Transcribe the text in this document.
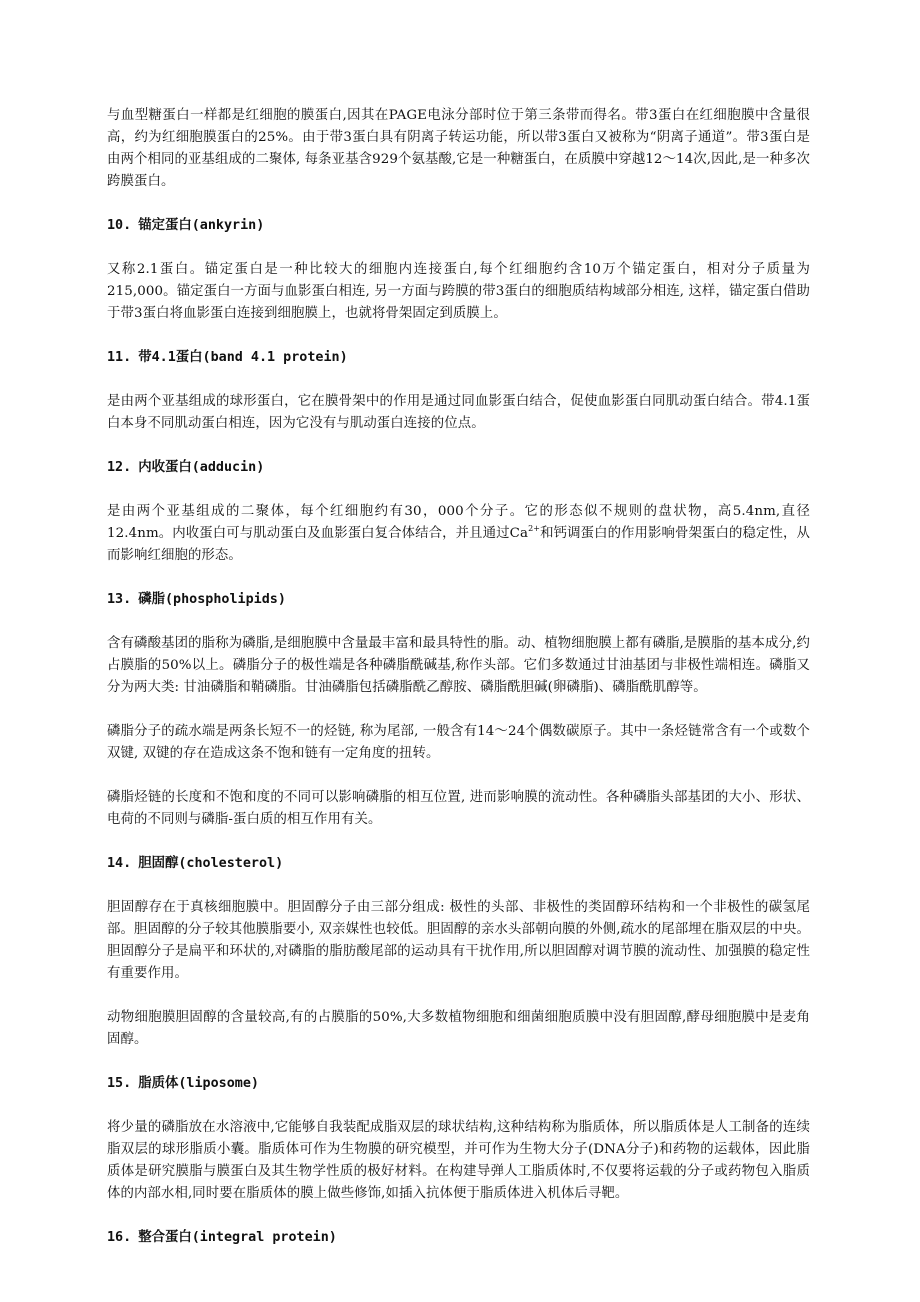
与血型糖蛋白一样都是红细胞的膜蛋白,因其在PAGE电泳分部时位于第三条带而得名。带3蛋白在红细胞膜中含量很高，约为红细胞膜蛋白的25%。由于带3蛋白具有阴离子转运功能，所以带3蛋白又被称为“阴离子通道”。带3蛋白是由两个相同的亚基组成的二聚体, 每条亚基含929个氨基酸,它是一种糖蛋白，在质膜中穿越12～14次,因此,是一种多次跨膜蛋白。

10. 锚定蛋白(ankyrin)

又称2.1蛋白。锚定蛋白是一种比较大的细胞内连接蛋白,每个红细胞约含10万个锚定蛋白，相对分子质量为215,000。锚定蛋白一方面与血影蛋白相连, 另一方面与跨膜的带3蛋白的细胞质结构域部分相连, 这样，锚定蛋白借助于带3蛋白将血影蛋白连接到细胞膜上，也就将骨架固定到质膜上。

11. 带4.1蛋白(band 4.1 protein)

是由两个亚基组成的球形蛋白，它在膜骨架中的作用是通过同血影蛋白结合，促使血影蛋白同肌动蛋白结合。带4.1蛋白本身不同肌动蛋白相连，因为它没有与肌动蛋白连接的位点。

12. 内收蛋白(adducin)

是由两个亚基组成的二聚体，每个红细胞约有30，000个分子。它的形态似不规则的盘状物，高5.4nm,直径12.4nm。内收蛋白可与肌动蛋白及血影蛋白复合体结合，并且通过$Ca^{2+}$和钙调蛋白的作用影响骨架蛋白的稳定性，从而影响红细胞的形态。

13. 磷脂(phospholipids)

含有磷酸基团的脂称为磷脂,是细胞膜中含量最丰富和最具特性的脂。动、植物细胞膜上都有磷脂,是膜脂的基本成分,约占膜脂的50%以上。磷脂分子的极性端是各种磷脂酰碱基,称作头部。它们多数通过甘油基团与非极性端相连。磷脂又分为两大类: 甘油磷脂和鞘磷脂。甘油磷脂包括磷脂酰乙醇胺、磷脂酰胆碱(卵磷脂)、磷脂酰肌醇等。

磷脂分子的疏水端是两条长短不一的烃链, 称为尾部, 一般含有14～24个偶数碳原子。其中一条烃链常含有一个或数个双键, 双键的存在造成这条不饱和链有一定角度的扭转。

磷脂烃链的长度和不饱和度的不同可以影响磷脂的相互位置, 进而影响膜的流动性。各种磷脂头部基团的大小、形状、电荷的不同则与磷脂-蛋白质的相互作用有关。

14. 胆固醇(cholesterol)

胆固醇存在于真核细胞膜中。胆固醇分子由三部分组成: 极性的头部、非极性的类固醇环结构和一个非极性的碳氢尾部。胆固醇的分子较其他膜脂要小, 双亲媒性也较低。胆固醇的亲水头部朝向膜的外侧,疏水的尾部埋在脂双层的中央。胆固醇分子是扁平和环状的,对磷脂的脂肪酸尾部的运动具有干扰作用,所以胆固醇对调节膜的流动性、加强膜的稳定性有重要作用。

动物细胞膜胆固醇的含量较高,有的占膜脂的50%,大多数植物细胞和细菌细胞质膜中没有胆固醇,酵母细胞膜中是麦角固醇。

15. 脂质体(liposome)

将少量的磷脂放在水溶液中,它能够自我装配成脂双层的球状结构,这种结构称为脂质体，所以脂质体是人工制备的连续脂双层的球形脂质小囊。脂质体可作为生物膜的研究模型，并可作为生物大分子(DNA分子)和药物的运载体，因此脂质体是研究膜脂与膜蛋白及其生物学性质的极好材料。在构建导弹人工脂质体时,不仅要将运载的分子或药物包入脂质体的内部水相,同时要在脂质体的膜上做些修饰,如插入抗体便于脂质体进入机体后寻靶。

16. 整合蛋白(integral protein)
